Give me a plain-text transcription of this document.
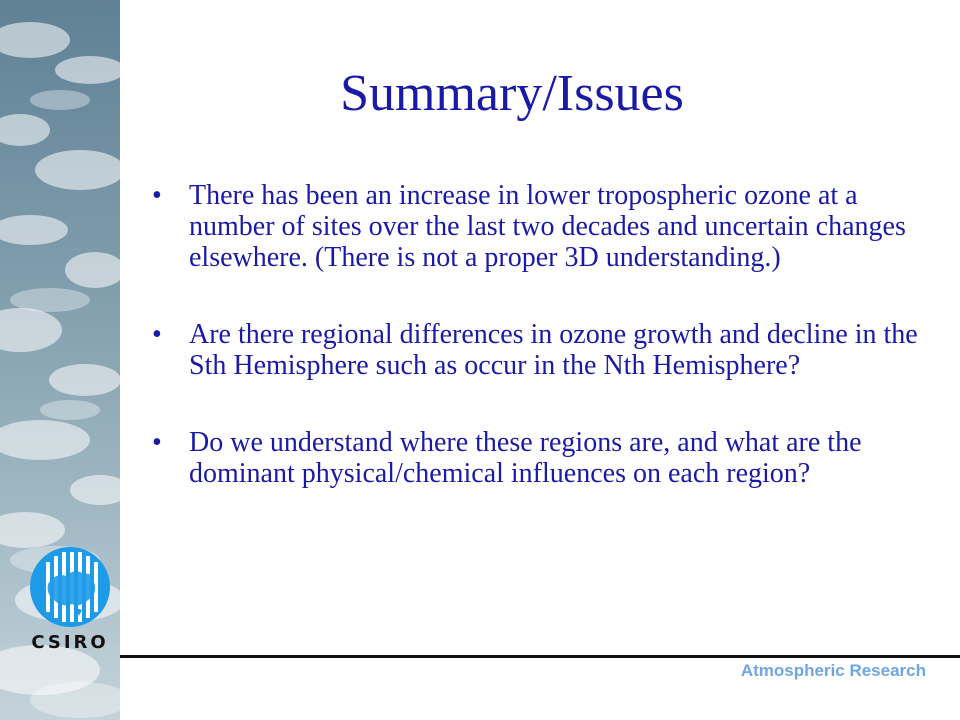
CSIRO
Summary/Issues
• There has been an increase in lower tropospheric ozone at a number of sites over the last two decades and uncertain changes elsewhere. (There is not a proper 3D understanding.)
• Are there regional differences in ozone growth and decline in the Sth Hemisphere such as occur in the Nth Hemisphere?
• Do we understand where these regions are, and what are the dominant physical/chemical influences on each region?
Atmospheric Research
